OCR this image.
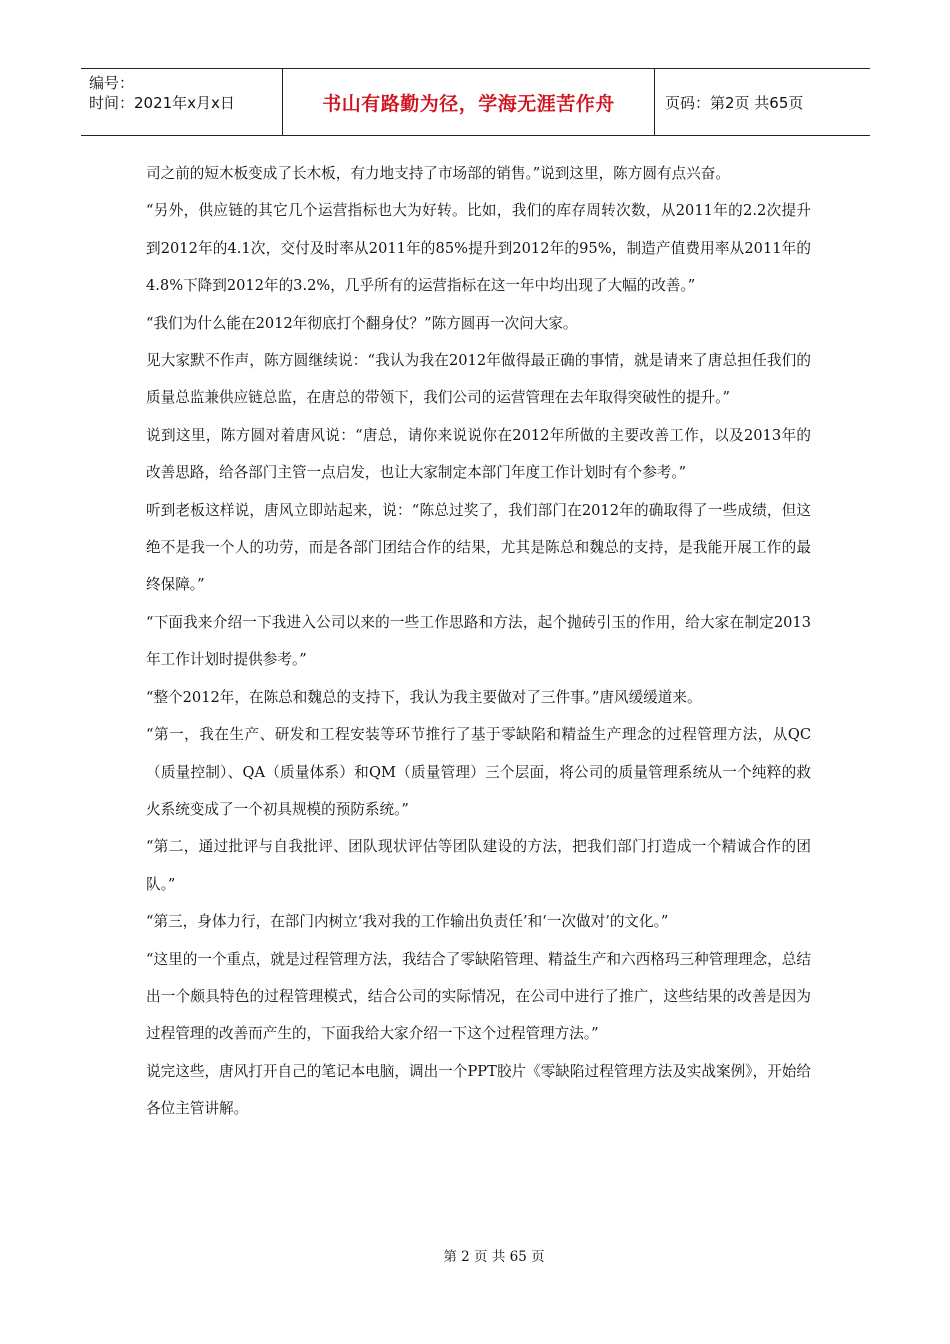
编号：
时间：2021年x月x日	书山有路勤为径，学海无涯苦作舟	页码：第2页 共65页

司之前的短木板变成了长木板，有力地支持了市场部的销售。”说到这里，陈方圆有点兴奋。

“另外，供应链的其它几个运营指标也大为好转。比如，我们的库存周转次数，从2011年的2.2次提升到2012年的4.1次，交付及时率从2011年的85%提升到2012年的95%，制造产值费用率从2011年的4.8%下降到2012年的3.2%，几乎所有的运营指标在这一年中均出现了大幅的改善。”

“我们为什么能在2012年彻底打个翻身仗？”陈方圆再一次问大家。

见大家默不作声，陈方圆继续说：“我认为我在2012年做得最正确的事情，就是请来了唐总担任我们的质量总监兼供应链总监，在唐总的带领下，我们公司的运营管理在去年取得突破性的提升。”

说到这里，陈方圆对着唐风说：“唐总，请你来说说你在2012年所做的主要改善工作，以及2013年的改善思路，给各部门主管一点启发，也让大家制定本部门年度工作计划时有个参考。”

听到老板这样说，唐风立即站起来，说：“陈总过奖了，我们部门在2012年的确取得了一些成绩，但这绝不是我一个人的功劳，而是各部门团结合作的结果，尤其是陈总和魏总的支持，是我能开展工作的最终保障。”

“下面我来介绍一下我进入公司以来的一些工作思路和方法，起个抛砖引玉的作用，给大家在制定2013年工作计划时提供参考。”

“整个2012年，在陈总和魏总的支持下，我认为我主要做对了三件事。”唐风缓缓道来。

“第一，我在生产、研发和工程安装等环节推行了基于零缺陷和精益生产理念的过程管理方法，从QC（质量控制）、QA（质量体系）和QM（质量管理）三个层面，将公司的质量管理系统从一个纯粹的救火系统变成了一个初具规模的预防系统。”

“第二，通过批评与自我批评、团队现状评估等团队建设的方法，把我们部门打造成一个精诚合作的团队。”

“第三，身体力行，在部门内树立‘我对我的工作输出负责任’和‘一次做对’的文化。”

“这里的一个重点，就是过程管理方法，我结合了零缺陷管理、精益生产和六西格玛三种管理理念，总结出一个颇具特色的过程管理模式，结合公司的实际情况，在公司中进行了推广，这些结果的改善是因为过程管理的改善而产生的，下面我给大家介绍一下这个过程管理方法。”

说完这些，唐风打开自己的笔记本电脑，调出一个PPT胶片《零缺陷过程管理方法及实战案例》，开始给各位主管讲解。

第 2 页 共 65 页
